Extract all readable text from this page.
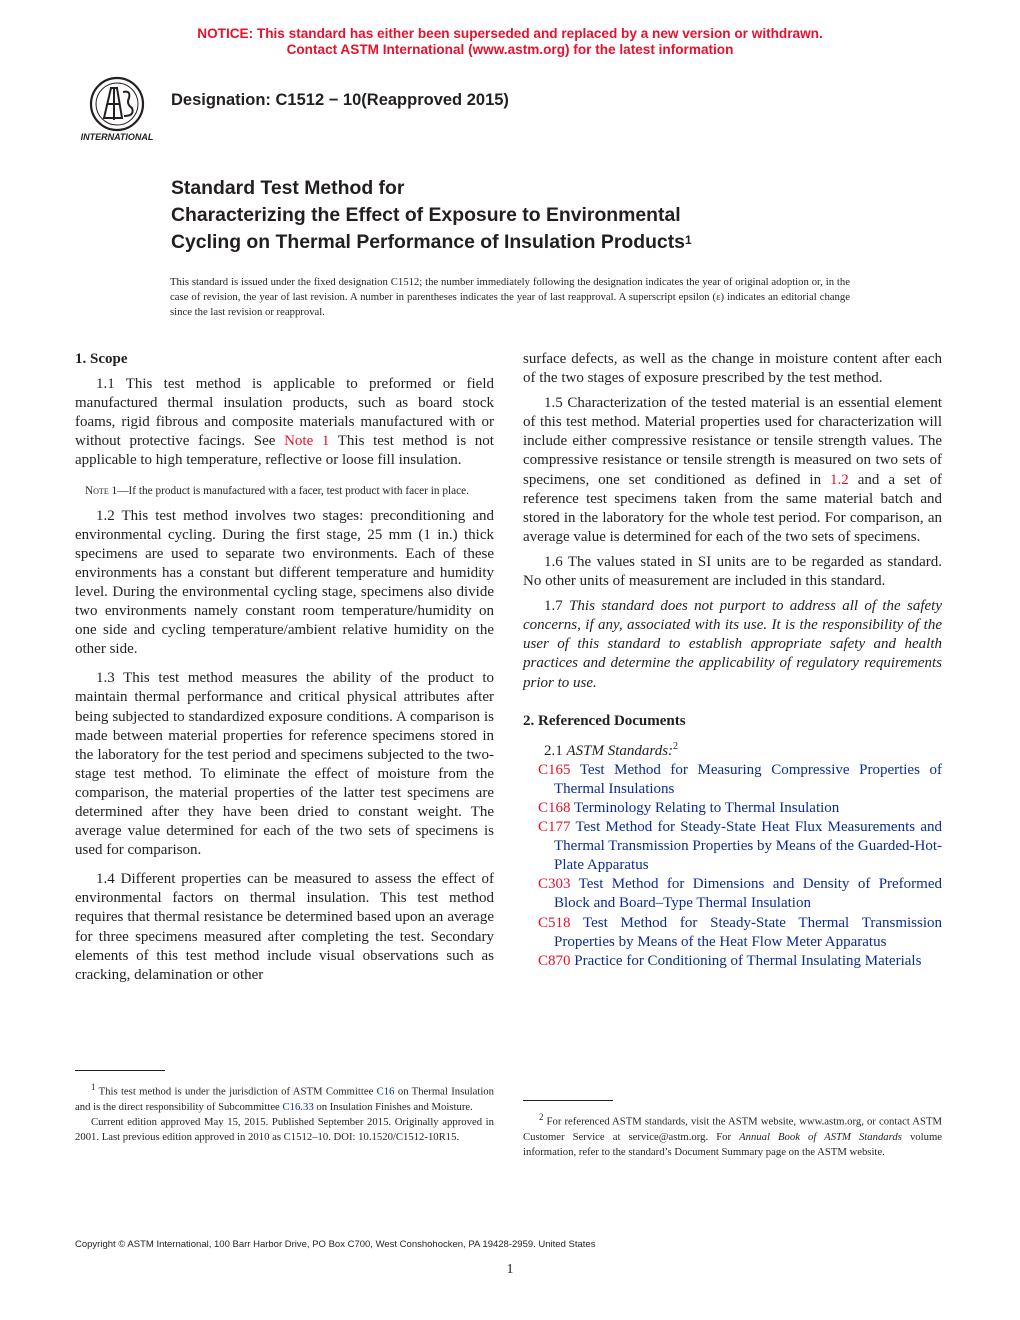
NOTICE: This standard has either been superseded and replaced by a new version or withdrawn.
Contact ASTM International (www.astm.org) for the latest information
INTERNATIONAL
Designation: C1512 − 10(Reapproved 2015)
Standard Test Method for
Characterizing the Effect of Exposure to Environmental
Cycling on Thermal Performance of Insulation Products$^1$
This standard is issued under the fixed designation C1512; the number immediately following the designation indicates the year of original adoption or, in the case of revision, the year of last revision. A number in parentheses indicates the year of last reapproval. A superscript epsilon (ε) indicates an editorial change since the last revision or reapproval.
1. Scope

1.1 This test method is applicable to preformed or field manufactured thermal insulation products, such as board stock foams, rigid fibrous and composite materials manufactured with or without protective facings. See Note 1 This test method is not applicable to high temperature, reflective or loose fill insulation.

Note 1—If the product is manufactured with a facer, test product with facer in place.

1.2 This test method involves two stages: preconditioning and environmental cycling. During the first stage, 25 mm (1 in.) thick specimens are used to separate two environments. Each of these environments has a constant but different temperature and humidity level. During the environmental cycling stage, specimens also divide two environments namely constant room temperature/humidity on one side and cycling temperature/ambient relative humidity on the other side.

1.3 This test method measures the ability of the product to maintain thermal performance and critical physical attributes after being subjected to standardized exposure conditions. A comparison is made between material properties for reference specimens stored in the laboratory for the test period and specimens subjected to the two-stage test method. To eliminate the effect of moisture from the comparison, the material properties of the latter test specimens are determined after they have been dried to constant weight. The average value determined for each of the two sets of specimens is used for comparison.

1.4 Different properties can be measured to assess the effect of environmental factors on thermal insulation. This test method requires that thermal resistance be determined based upon an average for three specimens measured after completing the test. Secondary elements of this test method include visual observations such as cracking, delamination or other

$^1$ This test method is under the jurisdiction of ASTM Committee C16 on Thermal Insulation and is the direct responsibility of Subcommittee C16.33 on Insulation Finishes and Moisture.

Current edition approved May 15, 2015. Published September 2015. Originally approved in 2001. Last previous edition approved in 2010 as C1512–10. DOI: 10.1520/C1512-10R15.

surface defects, as well as the change in moisture content after each of the two stages of exposure prescribed by the test method.

1.5 Characterization of the tested material is an essential element of this test method. Material properties used for characterization will include either compressive resistance or tensile strength values. The compressive resistance or tensile strength is measured on two sets of specimens, one set conditioned as defined in 1.2 and a set of reference test specimens taken from the same material batch and stored in the laboratory for the whole test period. For comparison, an average value is determined for each of the two sets of specimens.

1.6 The values stated in SI units are to be regarded as standard. No other units of measurement are included in this standard.

1.7 This standard does not purport to address all of the safety concerns, if any, associated with its use. It is the responsibility of the user of this standard to establish appropriate safety and health practices and determine the applicability of regulatory requirements prior to use.

2. Referenced Documents

2.1 ASTM Standards:$^2$

C165 Test Method for Measuring Compressive Properties of Thermal Insulations
C168 Terminology Relating to Thermal Insulation
C177 Test Method for Steady-State Heat Flux Measurements and Thermal Transmission Properties by Means of the Guarded-Hot-Plate Apparatus
C303 Test Method for Dimensions and Density of Preformed Block and Board–Type Thermal Insulation
C518 Test Method for Steady-State Thermal Transmission Properties by Means of the Heat Flow Meter Apparatus
C870 Practice for Conditioning of Thermal Insulating Materials

$^2$ For referenced ASTM standards, visit the ASTM website, www.astm.org, or contact ASTM Customer Service at service@astm.org. For Annual Book of ASTM Standards volume information, refer to the standard’s Document Summary page on the ASTM website.

Copyright © ASTM International, 100 Barr Harbor Drive, PO Box C700, West Conshohocken, PA 19428-2959. United States
1
